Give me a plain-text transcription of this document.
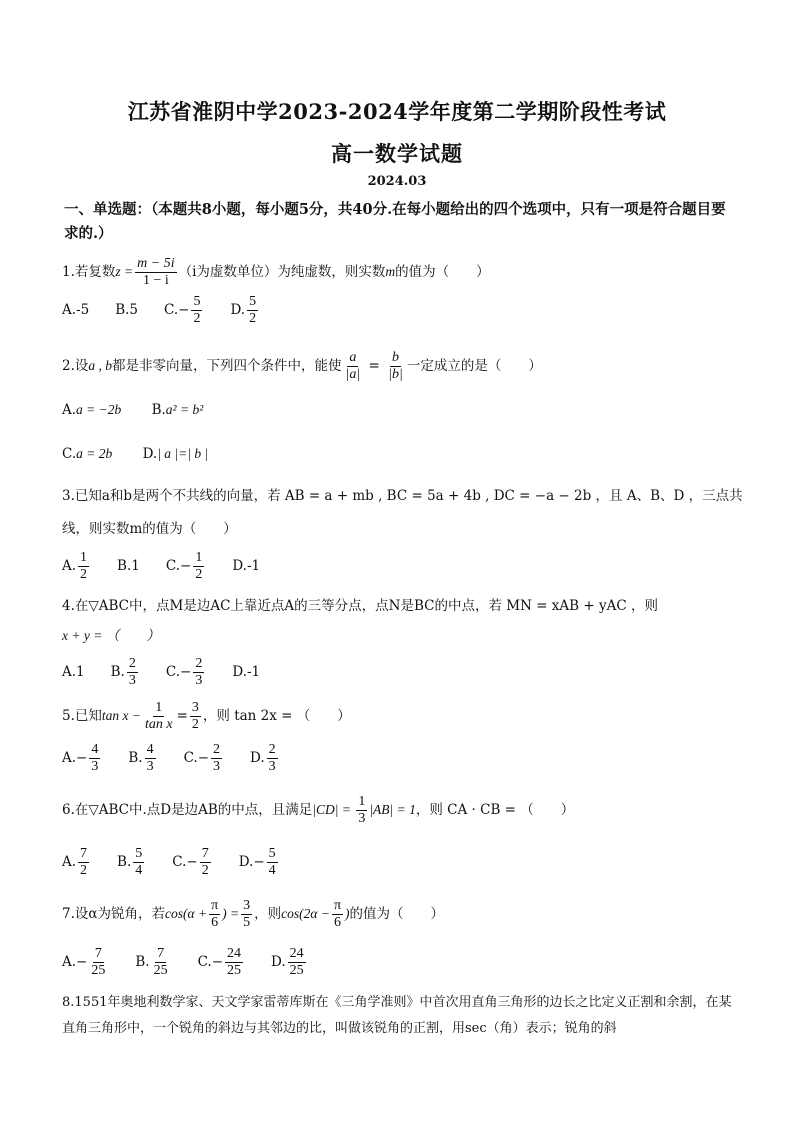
江苏省淮阴中学2023-2024学年度第二学期阶段性考试
高一数学试题
2024.03
一、单选题：（本题共8小题，每小题5分，共40分.在每小题给出的四个选项中，只有一项是符合题目要求的.）
1.若复数$z = \frac{m - 5i}{1 - i} (i$为虚数单位）为纯虚数，则实数m的值为（　　）
A.-5 B.5 $C.- \frac{5}{2} D$. $\frac{5}{2}$
2.设a , b都是非零向量，下列四个条件中，能使 $\frac{a}{|a|} = \frac{b}{|b|}$ 一定成立的是（　　）
A.a = −2b B.a² = b²
C.a = 2b D.| a |=| b |
3.已知a和b是两个不共线的向量，若 AB = a + mb , BC = 5a + 4b , DC = −a − 2b ，且 A、B、D ，三点共
线，则实数m的值为（　　）
A. $\frac{1}{2} B.1$ $C.- \frac{1}{2} D.-1$
4.在▽ABC中，点M是边AC上靠近点A的三等分点，点N是BC的中点，若 MN = xAB + yAC ，则
x + y = （　　）
A.1 B. $\frac{2}{3} C.- \frac{2}{3} D.-1$
5.已知$\tan x - \frac{1}{\text{tan x}} = \frac{3}{2}$ ，则 tan 2x = （　　）
$A.- \frac{4}{3} B$. $\frac{4}{3} C.- \frac{2}{3} D$. $\frac{2}{3}$
6.在▽ABC中.点D是边AB的中点，且满足$|CD| = \frac{1}{3} |AB| = 1$，则 CA · CB = （　　）
A. $\frac{7}{2} B$. $\frac{5}{4} C.- \frac{7}{2} D.- \frac{5}{4}$
7.设α为锐角，若$\cos(\alpha + \frac{\pi}{6}$ ) = $\frac{3}{5}$ ，则$\cos(2\alpha - \frac{\pi}{6}$ )的值为（　　）
$A.- \frac{7}{25} B$. $\frac{7}{25} C.- \frac{24}{25} D$. $\frac{24}{25}$
8.1551年奥地利数学家、天文学家雷蒂库斯在《三角学准则》中首次用直角三角形的边长之比定义正割和余割，在某直角三角形中，一个锐角的斜边与其邻边的比，叫做该锐角的正割，用sec（角）表示；锐角的斜
